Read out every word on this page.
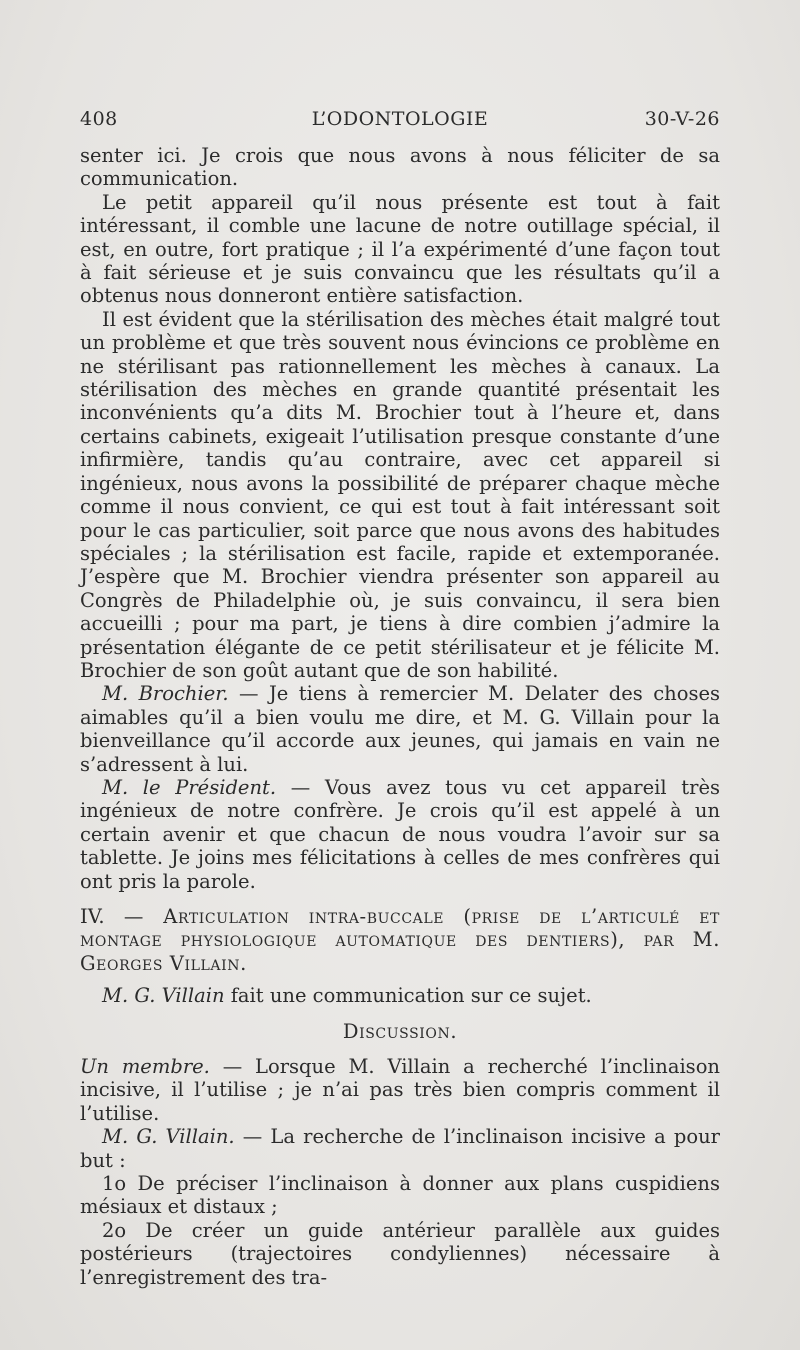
408	L’ODONTOLOGIE	30-V-26

senter ici. Je crois que nous avons à nous féliciter de sa communication.

Le petit appareil qu’il nous présente est tout à fait intéressant, il comble une lacune de notre outillage spécial, il est, en outre, fort pratique ; il l’a expérimenté d’une façon tout à fait sérieuse et je suis convaincu que les résultats qu’il a obtenus nous donneront entière satisfaction.

Il est évident que la stérilisation des mèches était malgré tout un problème et que très souvent nous évincions ce problème en ne stérilisant pas rationnellement les mèches à canaux. La stérilisation des mèches en grande quantité présentait les inconvénients qu’a dits M. Brochier tout à l’heure et, dans certains cabinets, exigeait l’utilisation presque constante d’une infirmière, tandis qu’au contraire, avec cet appareil si ingénieux, nous avons la possibilité de préparer chaque mèche comme il nous convient, ce qui est tout à fait intéressant soit pour le cas particulier, soit parce que nous avons des habitudes spéciales ; la stérilisation est facile, rapide et extemporanée. J’espère que M. Brochier viendra présenter son appareil au Congrès de Philadelphie où, je suis convaincu, il sera bien accueilli ; pour ma part, je tiens à dire combien j’admire la présentation élégante de ce petit stérilisateur et je félicite M. Brochier de son goût autant que de son habilité.

M. Brochier. — Je tiens à remercier M. Delater des choses aimables qu’il a bien voulu me dire, et M. G. Villain pour la bienveillance qu’il accorde aux jeunes, qui jamais en vain ne s’adressent à lui.

M. le Président. — Vous avez tous vu cet appareil très ingénieux de notre confrère. Je crois qu’il est appelé à un certain avenir et que chacun de nous voudra l’avoir sur sa tablette. Je joins mes félicitations à celles de mes confrères qui ont pris la parole.

IV. — Articulation intra-buccale (prise de l’articulé et montage physiologique automatique des dentiers), par M. Georges Villain.

M. G. Villain fait une communication sur ce sujet.

Discussion.

Un membre. — Lorsque M. Villain a recherché l’inclinaison incisive, il l’utilise ; je n’ai pas très bien compris comment il l’utilise.

M. G. Villain. — La recherche de l’inclinaison incisive a pour but :

1o De préciser l’inclinaison à donner aux plans cuspidiens mésiaux et distaux ;

2o De créer un guide antérieur parallèle aux guides postérieurs (trajectoires condyliennes) nécessaire à l’enregistrement des tra-
